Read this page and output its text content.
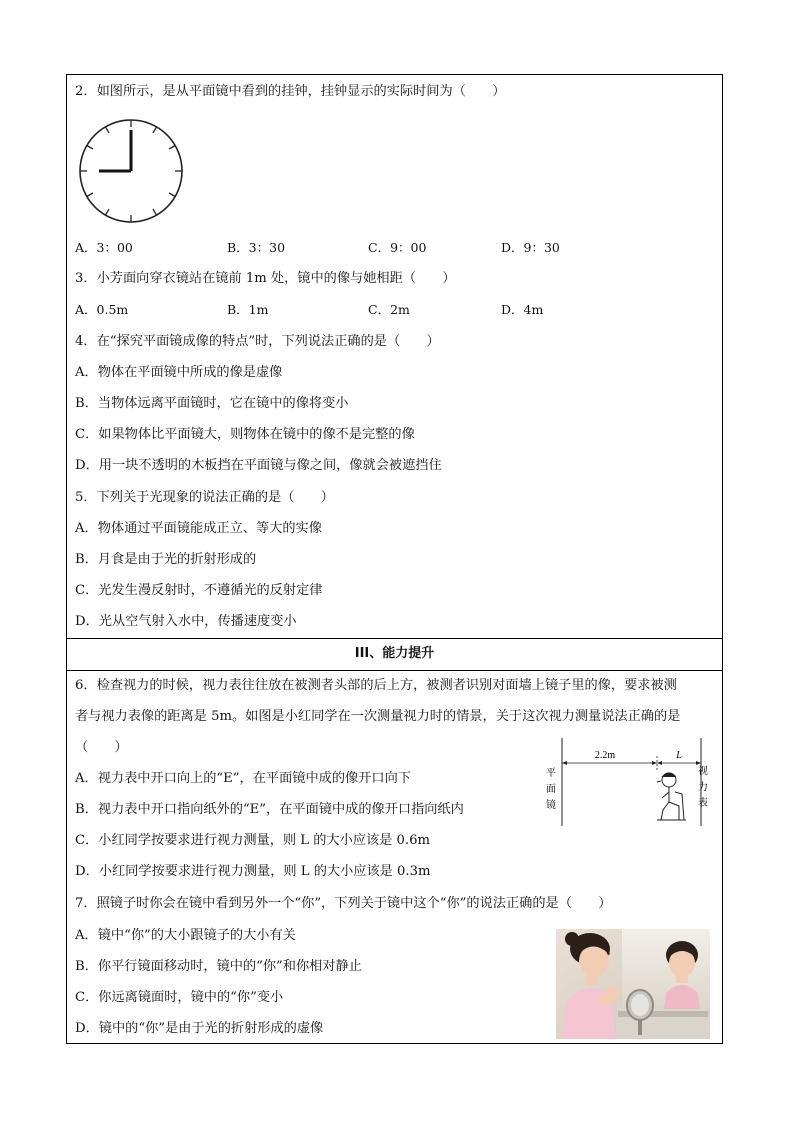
2．如图所示，是从平面镜中看到的挂钟，挂钟显示的实际时间为（　　）
A．3：00	B．3：30	C．9：00	D．9：30
3．小芳面向穿衣镜站在镜前 1m 处，镜中的像与她相距（　　）
A．0.5m	B．1m	C．2m	D．4m
4．在“探究平面镜成像的特点”时，下列说法正确的是（　　）
A．物体在平面镜中所成的像是虚像
B．当物体远离平面镜时，它在镜中的像将变小
C．如果物体比平面镜大，则物体在镜中的像不是完整的像
D．用一块不透明的木板挡在平面镜与像之间，像就会被遮挡住
5．下列关于光现象的说法正确的是（　　）
A．物体通过平面镜能成正立、等大的实像
B．月食是由于光的折射形成的
C．光发生漫反射时，不遵循光的反射定律
D．光从空气射入水中，传播速度变小
III、能力提升
6．检查视力的时候，视力表往往放在被测者头部的后上方，被测者识别对面墙上镜子里的像，要求被测
者与视力表像的距离是 5m。如图是小红同学在一次测量视力时的情景，关于这次视力测量说法正确的是
（　　）
A．视力表中开口向上的“E”，在平面镜中成的像开口向下
B．视力表中开口指向纸外的“E”，在平面镜中成的像开口指向纸内
C．小红同学按要求进行视力测量，则 L 的大小应该是 0.6m
D．小红同学按要求进行视力测量，则 L 的大小应该是 0.3m
2.2m	L
平
面
镜
视
力
表
7．照镜子时你会在镜中看到另外一个“你”，下列关于镜中这个“你”的说法正确的是（　　）
A．镜中“你”的大小跟镜子的大小有关
B．你平行镜面移动时，镜中的“你”和你相对静止
C．你远离镜面时，镜中的“你”变小
D．镜中的“你”是由于光的折射形成的虚像
